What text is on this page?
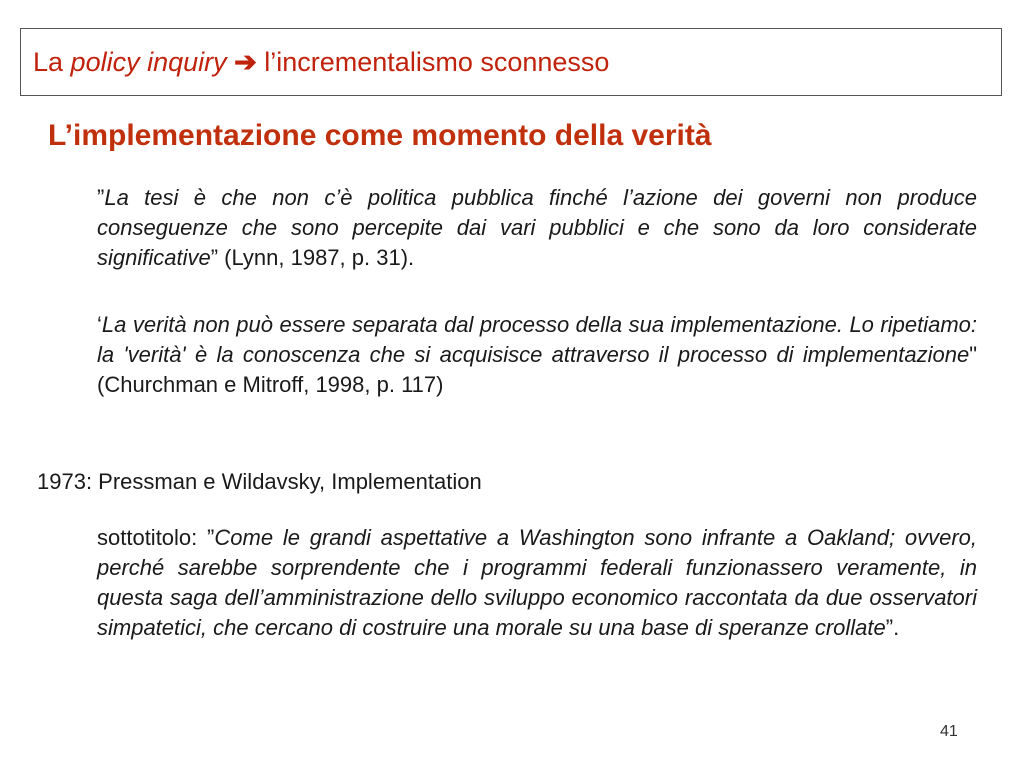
La policy inquiry ➔ l’incrementalismo sconnesso
L’implementazione come momento della verità

”La tesi è che non c’è politica pubblica finché l’azione dei governi non produce conseguenze che sono percepite dai vari pubblici e che sono da loro considerate significative” (Lynn, 1987, p. 31).

‘La verità non può essere separata dal processo della sua implementazione. Lo ripetiamo: la 'verità' è la conoscenza che si acquisisce attraverso il processo di implementazione" (Churchman e Mitroff, 1998, p. 117)

1973: Pressman e Wildavsky, Implementation

sottotitolo: ”Come le grandi aspettative a Washington sono infrante a Oakland; ovvero, perché sarebbe sorprendente che i programmi federali funzionassero veramente, in questa saga dell’amministrazione dello sviluppo economico raccontata da due osservatori simpatetici, che cercano di costruire una morale su una base di speranze crollate”.

41
